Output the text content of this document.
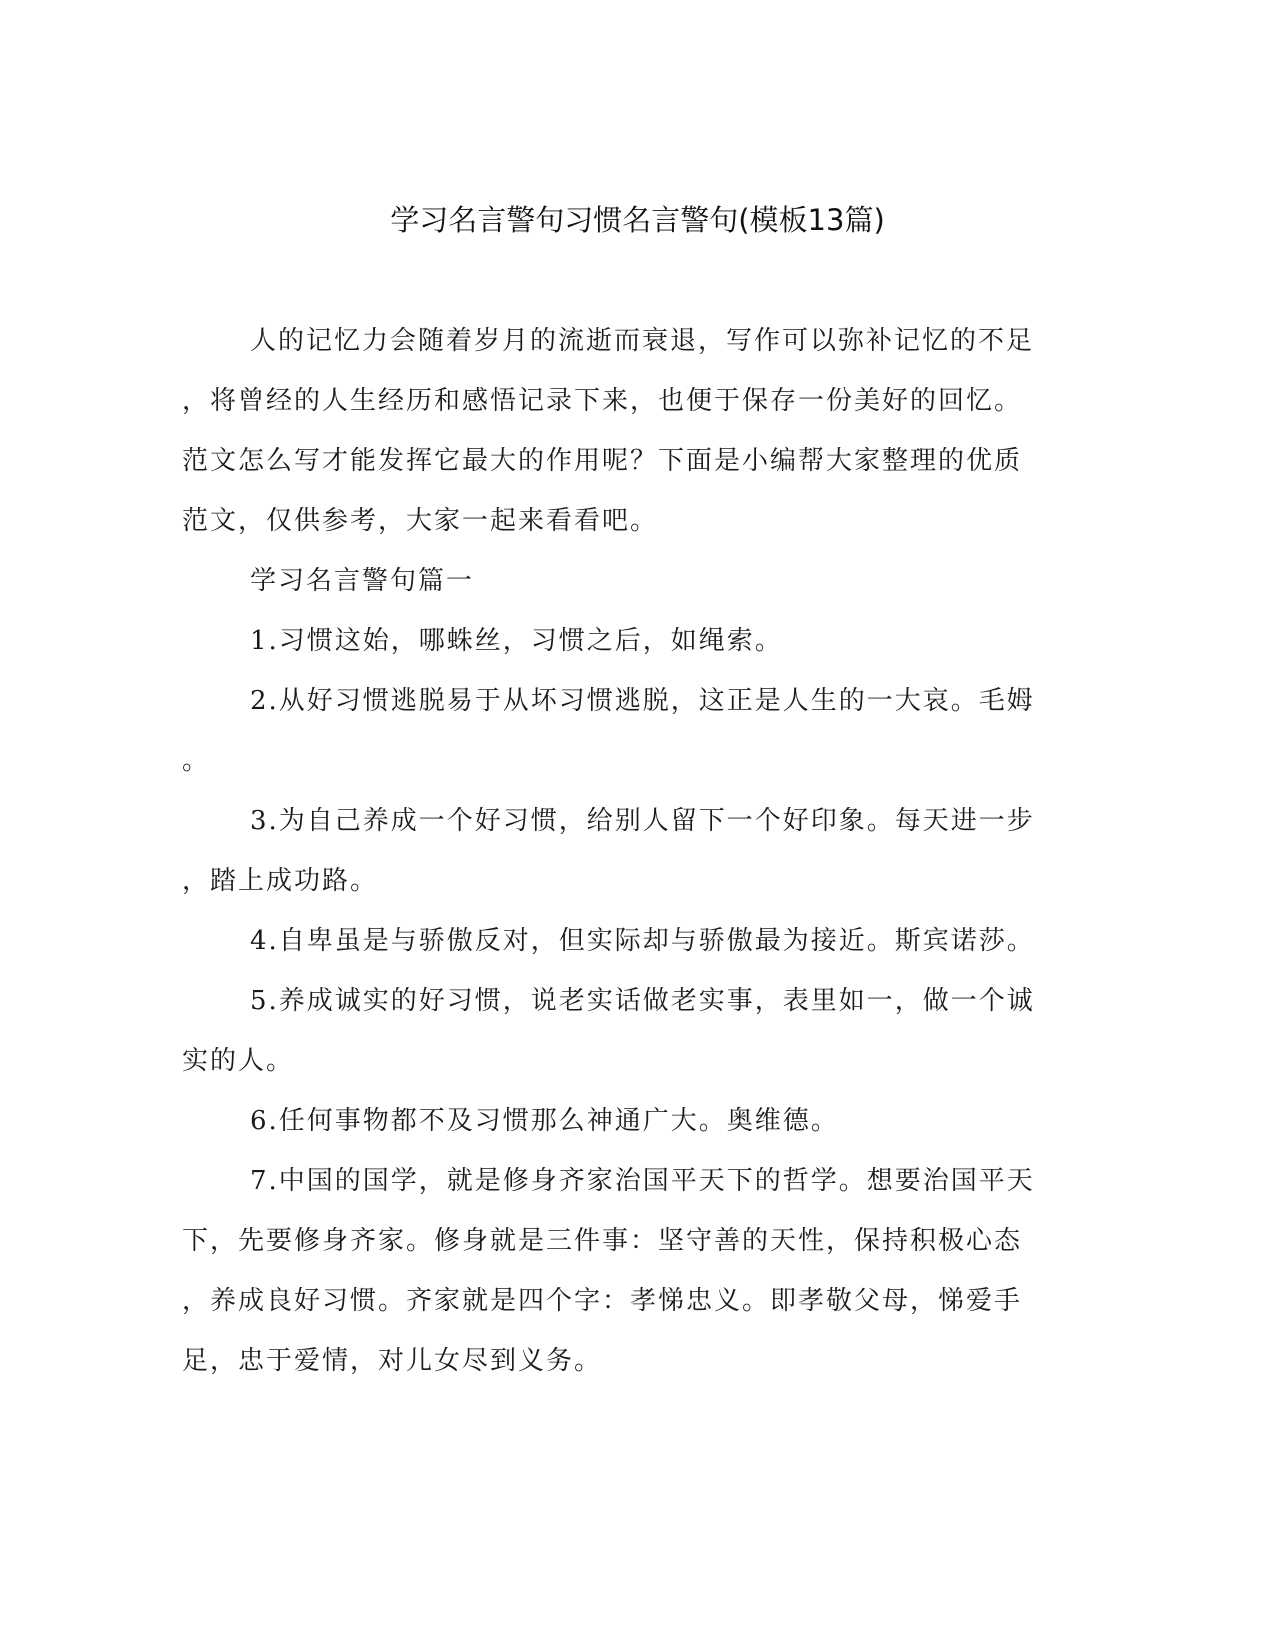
学习名言警句习惯名言警句(模板13篇)
人的记忆力会随着岁月的流逝而衰退，写作可以弥补记忆的不足
，将曾经的人生经历和感悟记录下来，也便于保存一份美好的回忆。
范文怎么写才能发挥它最大的作用呢？下面是小编帮大家整理的优质
范文，仅供参考，大家一起来看看吧。
学习名言警句篇一
1.习惯这始，哪蛛丝，习惯之后，如绳索。
2.从好习惯逃脱易于从坏习惯逃脱，这正是人生的一大哀。毛姆
。
3.为自己养成一个好习惯，给别人留下一个好印象。每天进一步
，踏上成功路。
4.自卑虽是与骄傲反对，但实际却与骄傲最为接近。斯宾诺莎。
5.养成诚实的好习惯，说老实话做老实事，表里如一，做一个诚
实的人。
6.任何事物都不及习惯那么神通广大。奥维德。
7.中国的国学，就是修身齐家治国平天下的哲学。想要治国平天
下，先要修身齐家。修身就是三件事：坚守善的天性，保持积极心态
，养成良好习惯。齐家就是四个字：孝悌忠义。即孝敬父母，悌爱手
足，忠于爱情，对儿女尽到义务。
